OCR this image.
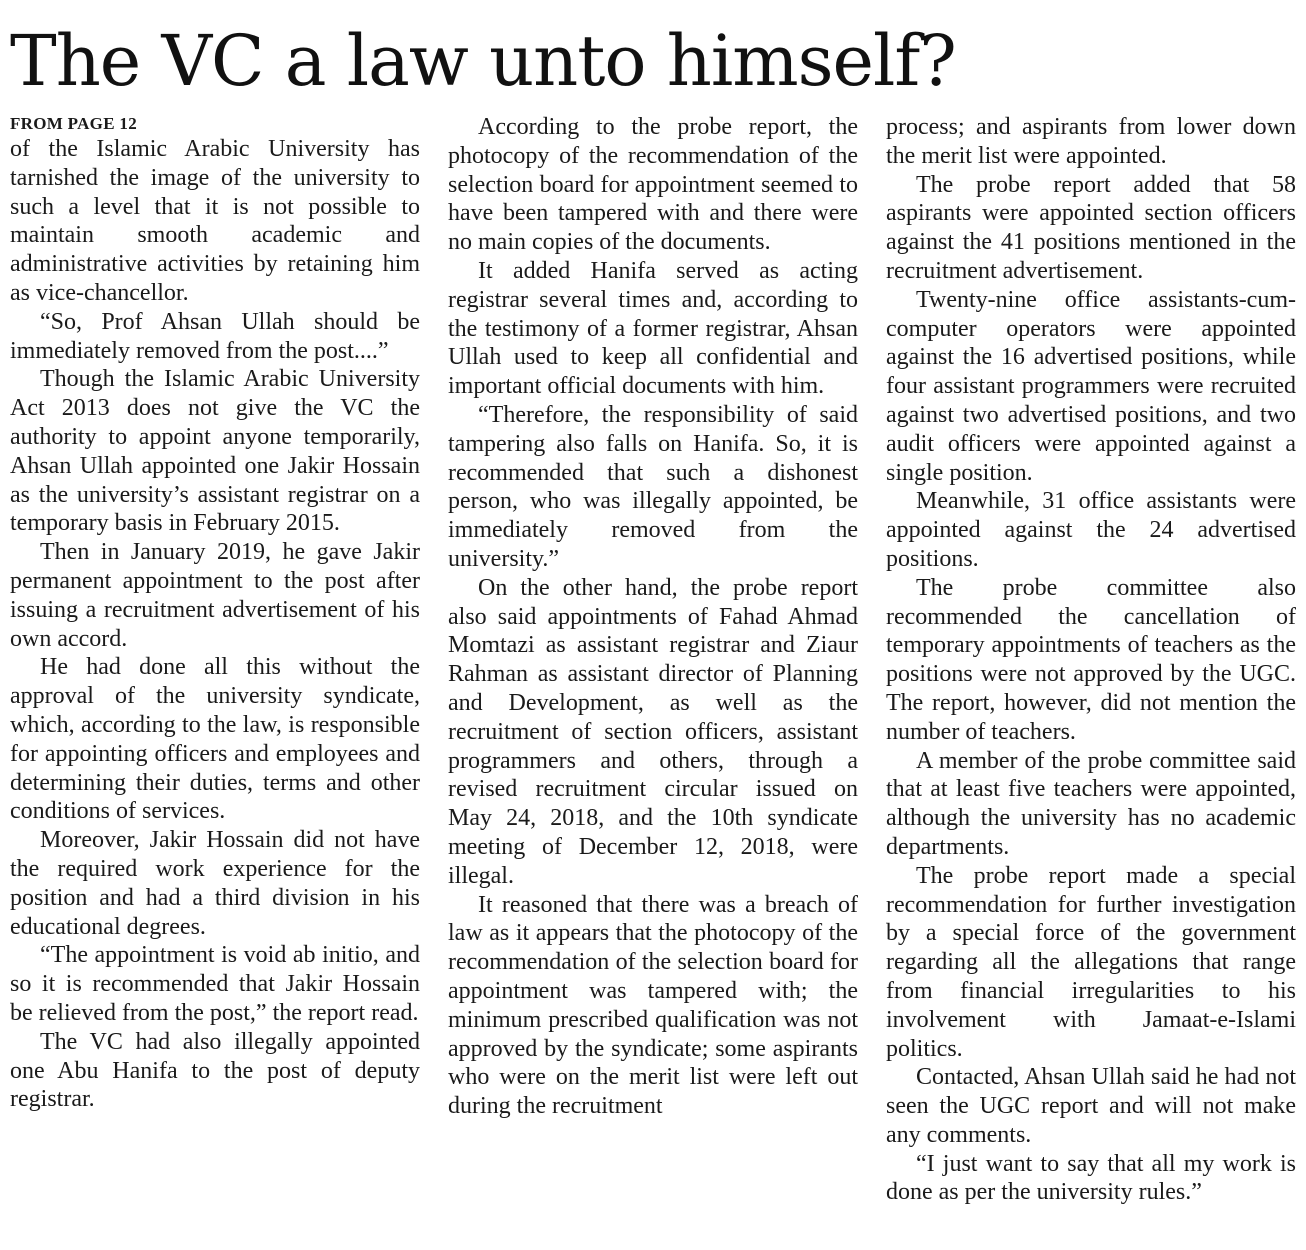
The VC a law unto himself?
FROM PAGE 12

of the Islamic Arabic University has tarnished the image of the university to such a level that it is not possible to maintain smooth academic and administrative activities by retaining him as vice-chancellor.

“So, Prof Ahsan Ullah should be immediately removed from the post....”

Though the Islamic Arabic University Act 2013 does not give the VC the authority to appoint anyone temporarily, Ahsan Ullah appointed one Jakir Hossain as the university’s assistant registrar on a temporary basis in February 2015.

Then in January 2019, he gave Jakir permanent appointment to the post after issuing a recruitment advertisement of his own accord.

He had done all this without the approval of the university syndicate, which, according to the law, is responsible for appointing officers and employees and determining their duties, terms and other conditions of services.

Moreover, Jakir Hossain did not have the required work experience for the position and had a third division in his educational degrees.

“The appointment is void ab initio, and so it is recommended that Jakir Hossain be relieved from the post,” the report read.

The VC had also illegally appointed one Abu Hanifa to the post of deputy registrar.

According to the probe report, the photocopy of the recommendation of the selection board for appointment seemed to have been tampered with and there were no main copies of the documents.

It added Hanifa served as acting registrar several times and, according to the testimony of a former registrar, Ahsan Ullah used to keep all confidential and important official documents with him.

“Therefore, the responsibility of said tampering also falls on Hanifa. So, it is recommended that such a dishonest person, who was illegally appointed, be immediately removed from the university.”

On the other hand, the probe report also said appointments of Fahad Ahmad Momtazi as assistant registrar and Ziaur Rahman as assistant director of Planning and Development, as well as the recruitment of section officers, assistant programmers and others, through a revised recruitment circular issued on May 24, 2018, and the 10th syndicate meeting of December 12, 2018, were illegal.

It reasoned that there was a breach of law as it appears that the photocopy of the recommendation of the selection board for appointment was tampered with; the minimum prescribed qualification was not approved by the syndicate; some aspirants who were on the merit list were left out during the recruitment

process; and aspirants from lower down the merit list were appointed.

The probe report added that 58 aspirants were appointed section officers against the 41 positions mentioned in the recruitment advertisement.

Twenty-nine office assistants-cum-computer operators were appointed against the 16 advertised positions, while four assistant programmers were recruited against two advertised positions, and two audit officers were appointed against a single position.

Meanwhile, 31 office assistants were appointed against the 24 advertised positions.

The probe committee also recommended the cancellation of temporary appointments of teachers as the positions were not approved by the UGC. The report, however, did not mention the number of teachers.

A member of the probe committee said that at least five teachers were appointed, although the university has no academic departments.

The probe report made a special recommendation for further investigation by a special force of the government regarding all the allegations that range from financial irregularities to his involvement with Jamaat-e-Islami politics.

Contacted, Ahsan Ullah said he had not seen the UGC report and will not make any comments.

“I just want to say that all my work is done as per the university rules.”
